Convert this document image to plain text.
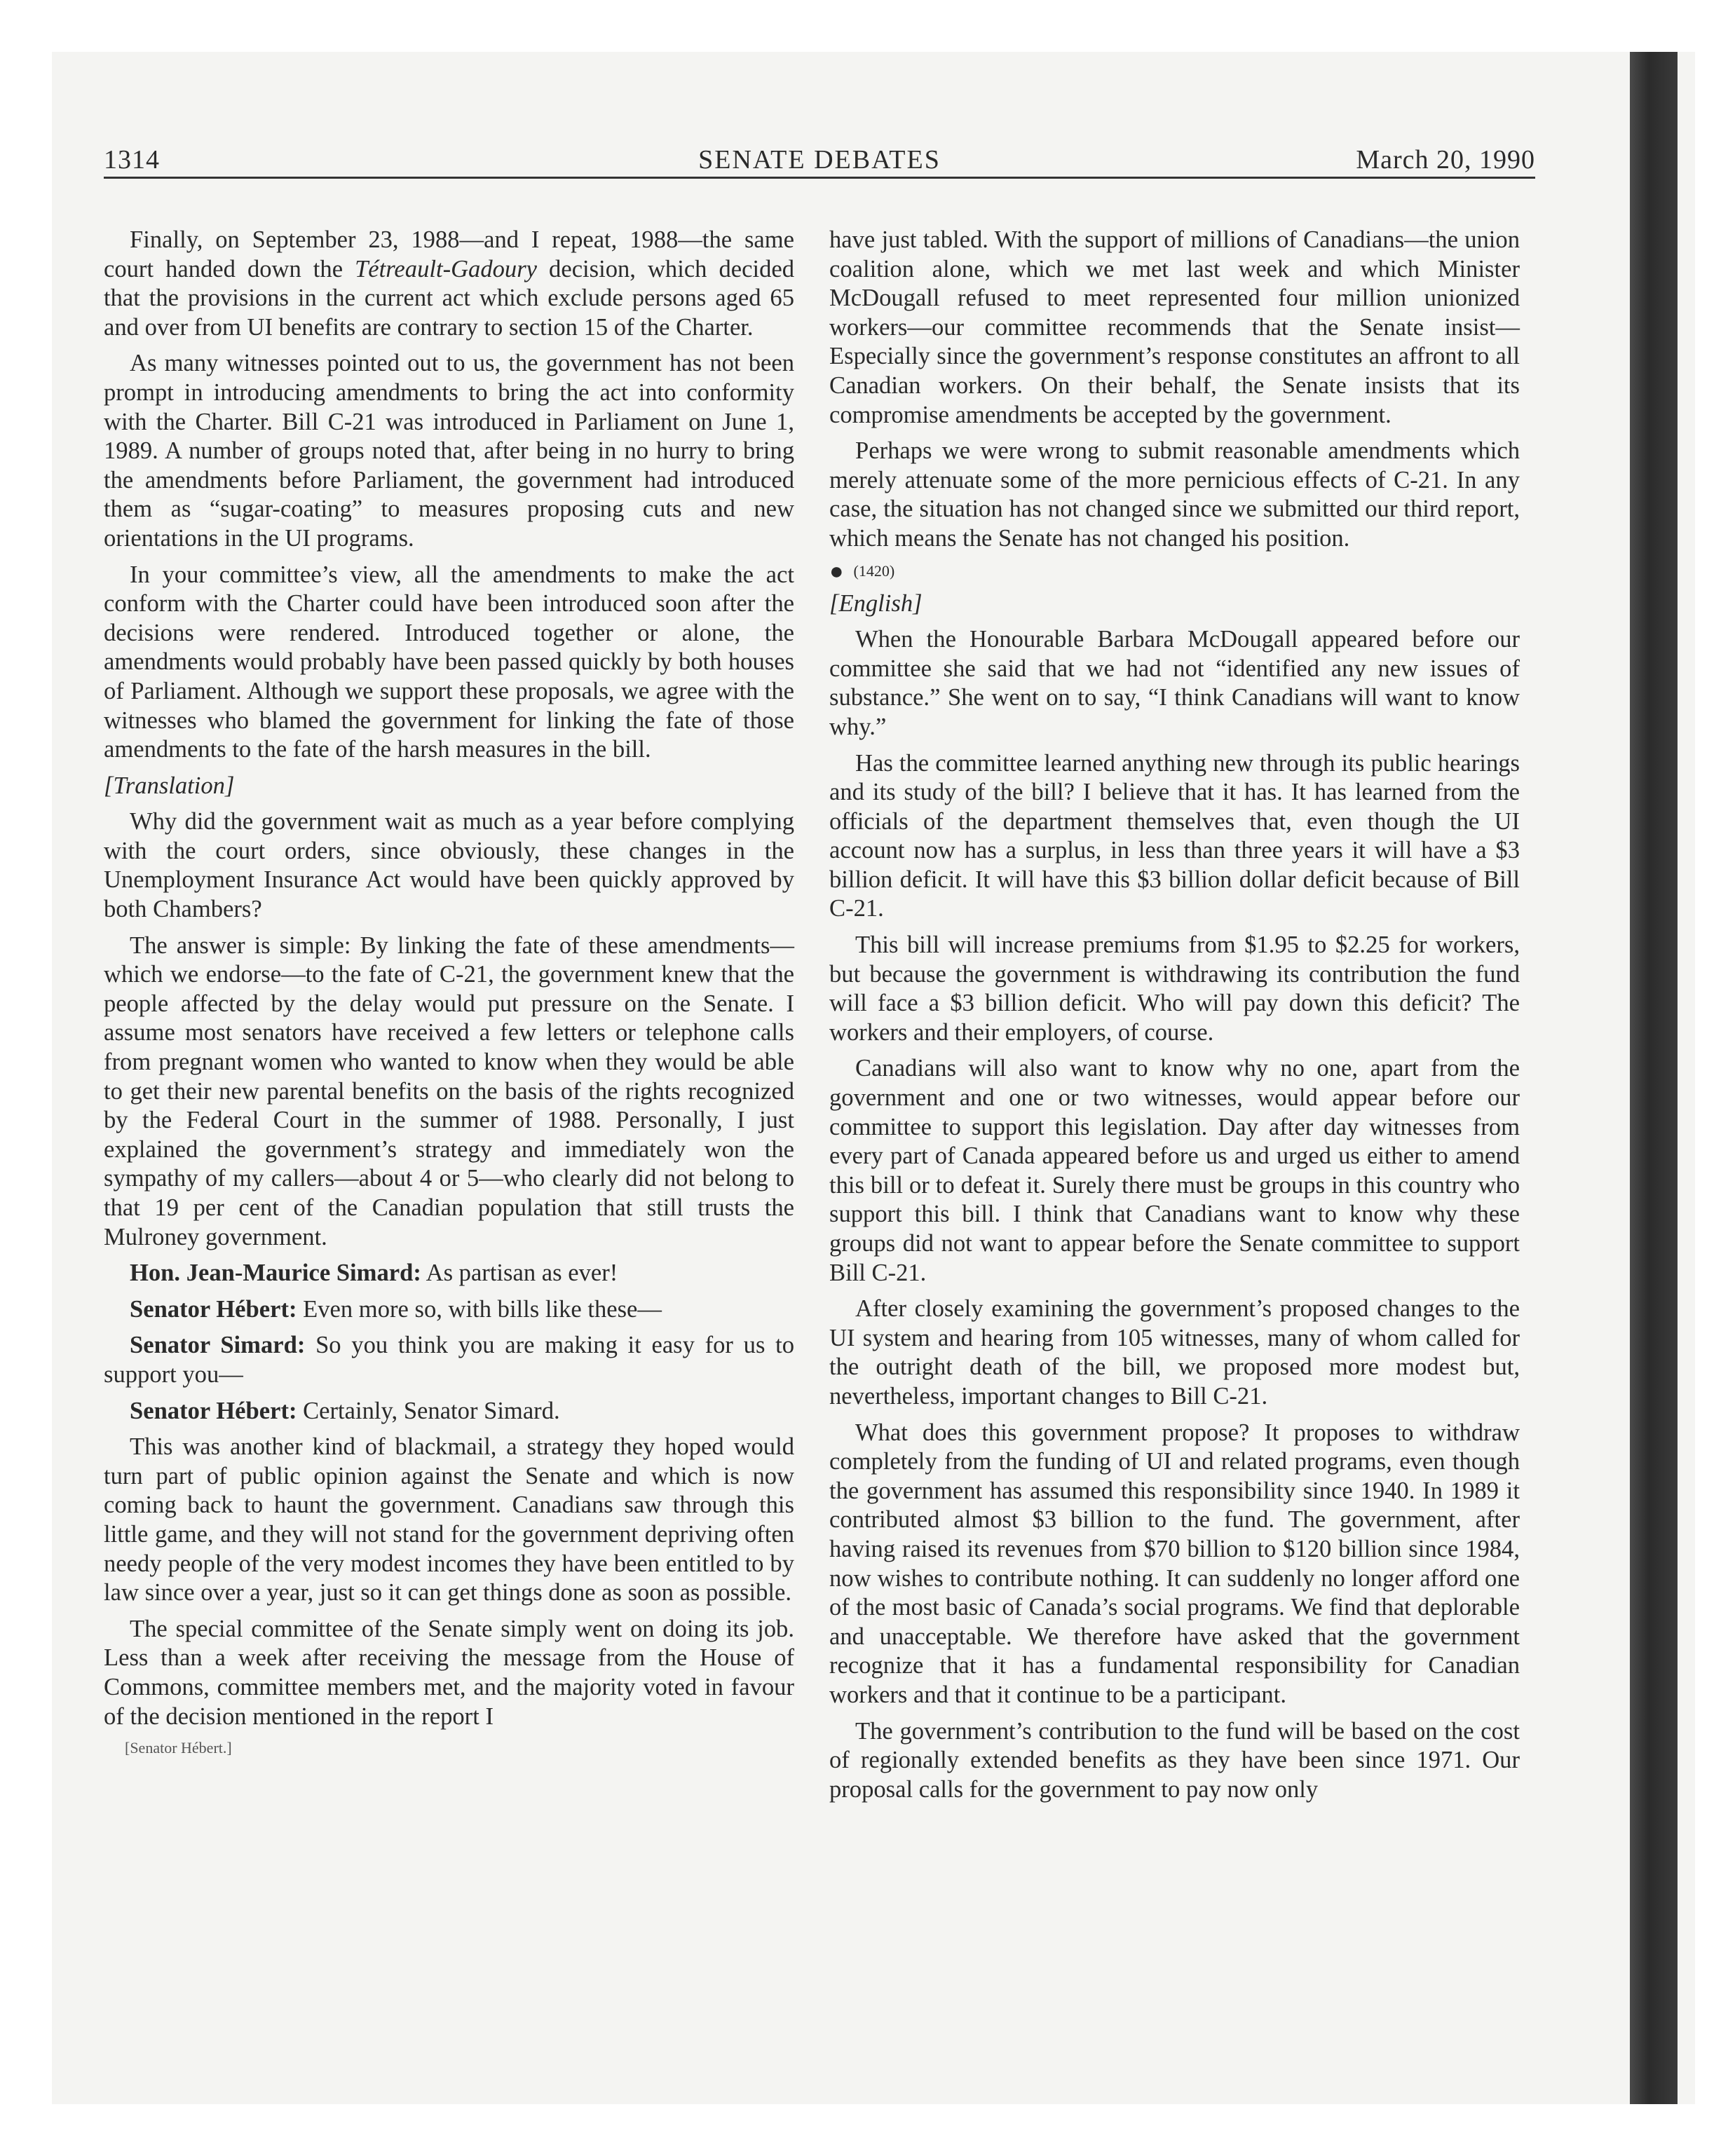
1314	SENATE DEBATES	March 20, 1990

Finally, on September 23, 1988—and I repeat, 1988—the same court handed down the Tétreault-Gadoury decision, which decided that the provisions in the current act which exclude persons aged 65 and over from UI benefits are contrary to section 15 of the Charter.

As many witnesses pointed out to us, the government has not been prompt in introducing amendments to bring the act into conformity with the Charter. Bill C-21 was introduced in Parliament on June 1, 1989. A number of groups noted that, after being in no hurry to bring the amendments before Parliament, the government had introduced them as “sugar-coating” to measures proposing cuts and new orientations in the UI programs.

In your committee’s view, all the amendments to make the act conform with the Charter could have been introduced soon after the decisions were rendered. Introduced together or alone, the amendments would probably have been passed quickly by both houses of Parliament. Although we support these proposals, we agree with the witnesses who blamed the government for linking the fate of those amendments to the fate of the harsh measures in the bill.

[Translation]

Why did the government wait as much as a year before complying with the court orders, since obviously, these changes in the Unemployment Insurance Act would have been quickly approved by both Chambers?

The answer is simple: By linking the fate of these amendments—which we endorse—to the fate of C-21, the government knew that the people affected by the delay would put pressure on the Senate. I assume most senators have received a few letters or telephone calls from pregnant women who wanted to know when they would be able to get their new parental benefits on the basis of the rights recognized by the Federal Court in the summer of 1988. Personally, I just explained the government’s strategy and immediately won the sympathy of my callers—about 4 or 5—who clearly did not belong to that 19 per cent of the Canadian population that still trusts the Mulroney government.

Hon. Jean-Maurice Simard: As partisan as ever!

Senator Hébert: Even more so, with bills like these—

Senator Simard: So you think you are making it easy for us to support you—

Senator Hébert: Certainly, Senator Simard.

This was another kind of blackmail, a strategy they hoped would turn part of public opinion against the Senate and which is now coming back to haunt the government. Canadians saw through this little game, and they will not stand for the government depriving often needy people of the very modest incomes they have been entitled to by law since over a year, just so it can get things done as soon as possible.

The special committee of the Senate simply went on doing its job. Less than a week after receiving the message from the House of Commons, committee members met, and the majority voted in favour of the decision mentioned in the report I

[Senator Hébert.]

have just tabled. With the support of millions of Canadians—the union coalition alone, which we met last week and which Minister McDougall refused to meet represented four million unionized workers—our committee recommends that the Senate insist—Especially since the government’s response constitutes an affront to all Canadian workers. On their behalf, the Senate insists that its compromise amendments be accepted by the government.

Perhaps we were wrong to submit reasonable amendments which merely attenuate some of the more pernicious effects of C-21. In any case, the situation has not changed since we submitted our third report, which means the Senate has not changed his position.

● (1420)

[English]

When the Honourable Barbara McDougall appeared before our committee she said that we had not “identified any new issues of substance.” She went on to say, “I think Canadians will want to know why.”

Has the committee learned anything new through its public hearings and its study of the bill? I believe that it has. It has learned from the officials of the department themselves that, even though the UI account now has a surplus, in less than three years it will have a $3 billion deficit. It will have this $3 billion dollar deficit because of Bill C-21.

This bill will increase premiums from $1.95 to $2.25 for workers, but because the government is withdrawing its contribution the fund will face a $3 billion deficit. Who will pay down this deficit? The workers and their employers, of course.

Canadians will also want to know why no one, apart from the government and one or two witnesses, would appear before our committee to support this legislation. Day after day witnesses from every part of Canada appeared before us and urged us either to amend this bill or to defeat it. Surely there must be groups in this country who support this bill. I think that Canadians want to know why these groups did not want to appear before the Senate committee to support Bill C-21.

After closely examining the government’s proposed changes to the UI system and hearing from 105 witnesses, many of whom called for the outright death of the bill, we proposed more modest but, nevertheless, important changes to Bill C-21.

What does this government propose? It proposes to withdraw completely from the funding of UI and related programs, even though the government has assumed this responsibility since 1940. In 1989 it contributed almost $3 billion to the fund. The government, after having raised its revenues from $70 billion to $120 billion since 1984, now wishes to contribute nothing. It can suddenly no longer afford one of the most basic of Canada’s social programs. We find that deplorable and unacceptable. We therefore have asked that the government recognize that it has a fundamental responsibility for Canadian workers and that it continue to be a participant.

The government’s contribution to the fund will be based on the cost of regionally extended benefits as they have been since 1971. Our proposal calls for the government to pay now only
